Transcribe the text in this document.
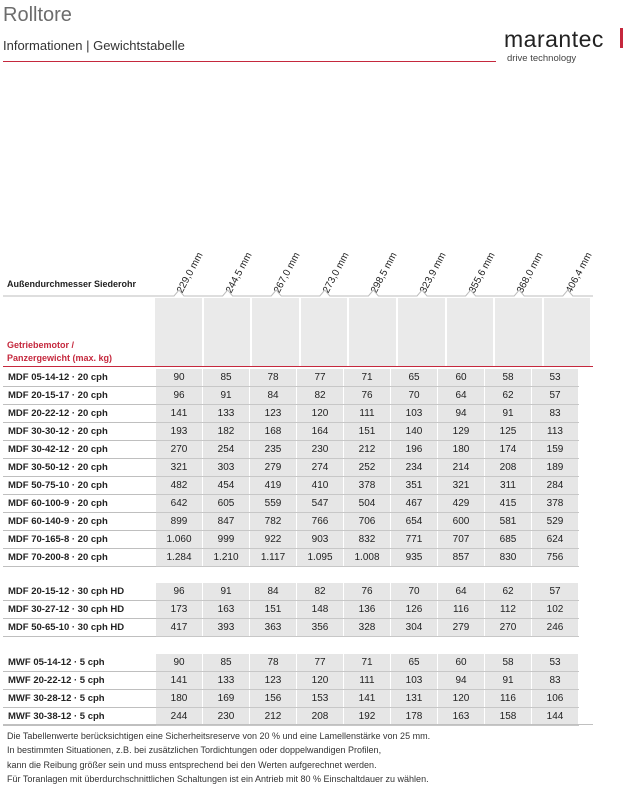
Rolltore
Informationen | Gewichtstabelle	marantec
drive technology
229,0 mm 244,5 mm 267,0 mm 273,0 mm 298,5 mm 323,9 mm 355,6 mm 368,0 mm 406,4 mm
Außendurchmesser Siederohr
Getriebemotor /
Panzergewicht (max. kg)
MDF 05-14-12 · 20 cph	90	85	78	77	71	65	60	58	53
MDF 20-15-17 · 20 cph	96	91	84	82	76	70	64	62	57
MDF 20-22-12 · 20 cph	141	133	123	120	111	103	94	91	83
MDF 30-30-12 · 20 cph	193	182	168	164	151	140	129	125	113
MDF 30-42-12 · 20 cph	270	254	235	230	212	196	180	174	159
MDF 30-50-12 · 20 cph	321	303	279	274	252	234	214	208	189
MDF 50-75-10 · 20 cph	482	454	419	410	378	351	321	311	284
MDF 60-100-9 · 20 cph	642	605	559	547	504	467	429	415	378
MDF 60-140-9 · 20 cph	899	847	782	766	706	654	600	581	529
MDF 70-165-8 · 20 cph	1.060	999	922	903	832	771	707	685	624
MDF 70-200-8 · 20 cph	1.284	1.210	1.117	1.095	1.008	935	857	830	756
MDF 20-15-12 · 30 cph HD	96	91	84	82	76	70	64	62	57
MDF 30-27-12 · 30 cph HD	173	163	151	148	136	126	116	112	102
MDF 50-65-10 · 30 cph HD	417	393	363	356	328	304	279	270	246
MWF 05-14-12 · 5 cph	90	85	78	77	71	65	60	58	53
MWF 20-22-12 · 5 cph	141	133	123	120	111	103	94	91	83
MWF 30-28-12 · 5 cph	180	169	156	153	141	131	120	116	106
MWF 30-38-12 · 5 cph	244	230	212	208	192	178	163	158	144
Die Tabellenwerte berücksichtigen eine Sicherheitsreserve von 20 % und eine Lamellenstärke von 25 mm.
In bestimmten Situationen, z.B. bei zusätzlichen Tordichtungen oder doppelwandigen Profilen,
kann die Reibung größer sein und muss entsprechend bei den Werten aufgerechnet werden.
Für Toranlagen mit überdurchschnittlichen Schaltungen ist ein Antrieb mit 80 % Einschaltdauer zu wählen.
